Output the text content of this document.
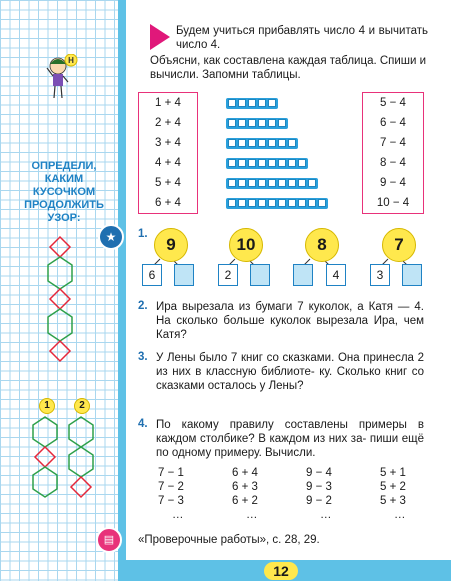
12
Н
ОПРЕДЕЛИ, КАКИМ КУСОЧКОМ ПРОДОЛЖИТЬ УЗОР:
★
1	2
▤
Будем учиться прибавлять число 4 и вычитать число 4.
Объясни, как составлена каждая таблица. Спиши и вычисли. Запомни таблицы.
1 + 4
2 + 4
3 + 4
4 + 4
5 + 4
6 + 4
5 − 4
6 − 4
7 − 4
8 − 4
9 − 4
10 − 4
1.
9	10	8	7
6	2	4	3
2. Ира вырезала из бумаги 7 куколок, а Катя — 4. На сколько больше куколок вырезала Ира, чем Катя?
3. У Лены было 7 книг со сказками. Она принесла 2 из них в классную библиоте- ку. Сколько книг со сказками осталось у Лены?
4. По какому правилу составлены примеры в каждом столбике? В каждом из них за- пиши ещё по одному примеру. Вычисли.
7 − 1
7 − 2
7 − 3
…
6 + 4
6 + 3
6 + 2
…
9 − 4
9 − 3
9 − 2
…
5 + 1
5 + 2
5 + 3
…
«Проверочные работы», с. 28, 29.
